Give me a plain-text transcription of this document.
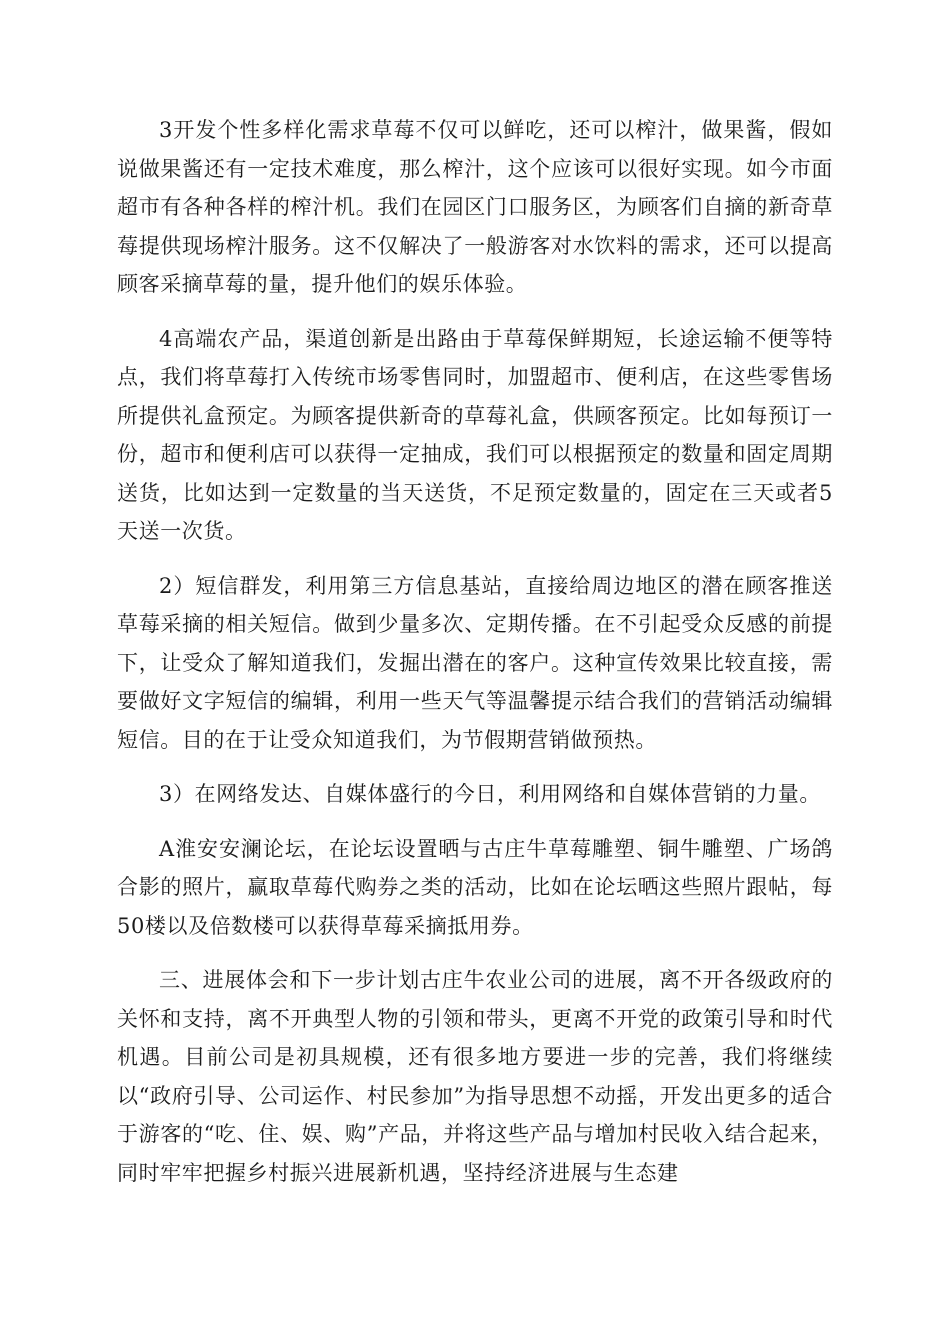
3开发个性多样化需求草莓不仅可以鲜吃，还可以榨汁，做果酱，假如说做果酱还有一定技术难度，那么榨汁，这个应该可以很好实现。如今市面超市有各种各样的榨汁机。我们在园区门口服务区，为顾客们自摘的新奇草莓提供现场榨汁服务。这不仅解决了一般游客对水饮料的需求，还可以提高顾客采摘草莓的量，提升他们的娱乐体验。

4高端农产品，渠道创新是出路由于草莓保鲜期短，长途运输不便等特点，我们将草莓打入传统市场零售同时，加盟超市、便利店，在这些零售场所提供礼盒预定。为顾客提供新奇的草莓礼盒，供顾客预定。比如每预订一份，超市和便利店可以获得一定抽成，我们可以根据预定的数量和固定周期送货，比如达到一定数量的当天送货，不足预定数量的，固定在三天或者5天送一次货。

2）短信群发，利用第三方信息基站，直接给周边地区的潜在顾客推送草莓采摘的相关短信。做到少量多次、定期传播。在不引起受众反感的前提下，让受众了解知道我们，发掘出潜在的客户。这种宣传效果比较直接，需要做好文字短信的编辑，利用一些天气等温馨提示结合我们的营销活动编辑短信。目的在于让受众知道我们，为节假期营销做预热。

3）在网络发达、自媒体盛行的今日，利用网络和自媒体营销的力量。

A淮安安澜论坛，在论坛设置晒与古庄牛草莓雕塑、铜牛雕塑、广场鸽合影的照片，赢取草莓代购券之类的活动，比如在论坛晒这些照片跟帖，每50楼以及倍数楼可以获得草莓采摘抵用券。

三、进展体会和下一步计划古庄牛农业公司的进展，离不开各级政府的关怀和支持，离不开典型人物的引领和带头，更离不开党的政策引导和时代机遇。目前公司是初具规模，还有很多地方要进一步的完善，我们将继续以“政府引导、公司运作、村民参加”为指导思想不动摇，开发出更多的适合于游客的“吃、住、娱、购”产品，并将这些产品与增加村民收入结合起来，同时牢牢把握乡村振兴进展新机遇，坚持经济进展与生态建
